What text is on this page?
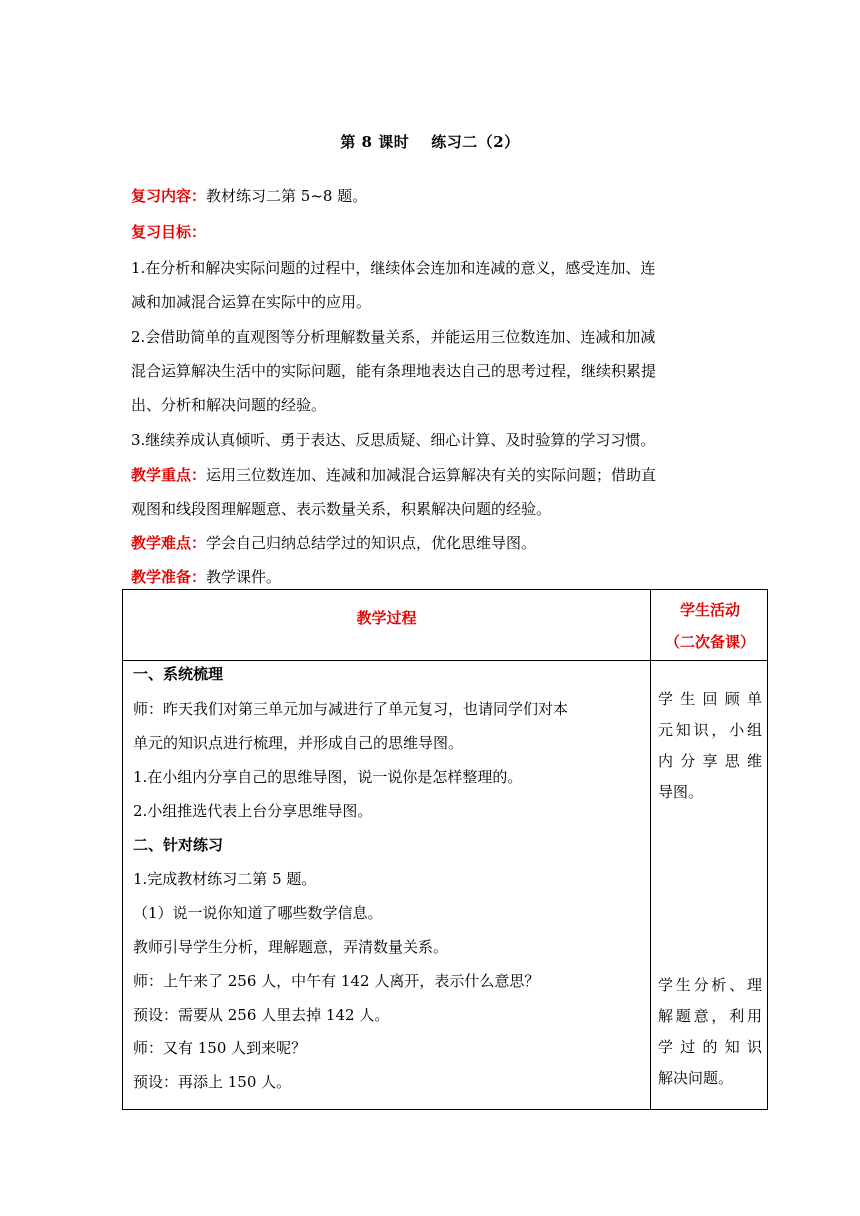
第 8 课时 练习二（2）
复习内容：教材练习二第 5~8 题。
复习目标：
1.在分析和解决实际问题的过程中，继续体会连加和连减的意义，感受连加、连
减和加减混合运算在实际中的应用。
2.会借助简单的直观图等分析理解数量关系，并能运用三位数连加、连减和加减
混合运算解决生活中的实际问题，能有条理地表达自己的思考过程，继续积累提
出、分析和解决问题的经验。
3.继续养成认真倾听、勇于表达、反思质疑、细心计算、及时验算的学习习惯。
教学重点：运用三位数连加、连减和加减混合运算解决有关的实际问题；借助直
观图和线段图理解题意、表示数量关系，积累解决问题的经验。
教学难点：学会自己归纳总结学过的知识点，优化思维导图。
教学准备：教学课件。
教学过程	学生活动
（二次备课）
一、系统梳理
师：昨天我们对第三单元加与减进行了单元复习，也请同学们对本
单元的知识点进行梳理，并形成自己的思维导图。
1.在小组内分享自己的思维导图，说一说你是怎样整理的。
2.小组推选代表上台分享思维导图。
二、针对练习
1.完成教材练习二第 5 题。
（1）说一说你知道了哪些数学信息。
教师引导学生分析，理解题意，弄清数量关系。
师：上午来了 256 人，中午有 142 人离开，表示什么意思？
预设：需要从 256 人里去掉 142 人。
师：又有 150 人到来呢？
预设：再添上 150 人。
学生回顾单
元知识，小组
内分享思维
导图。
学生分析、理
解题意，利用
学过的知识
解决问题。
